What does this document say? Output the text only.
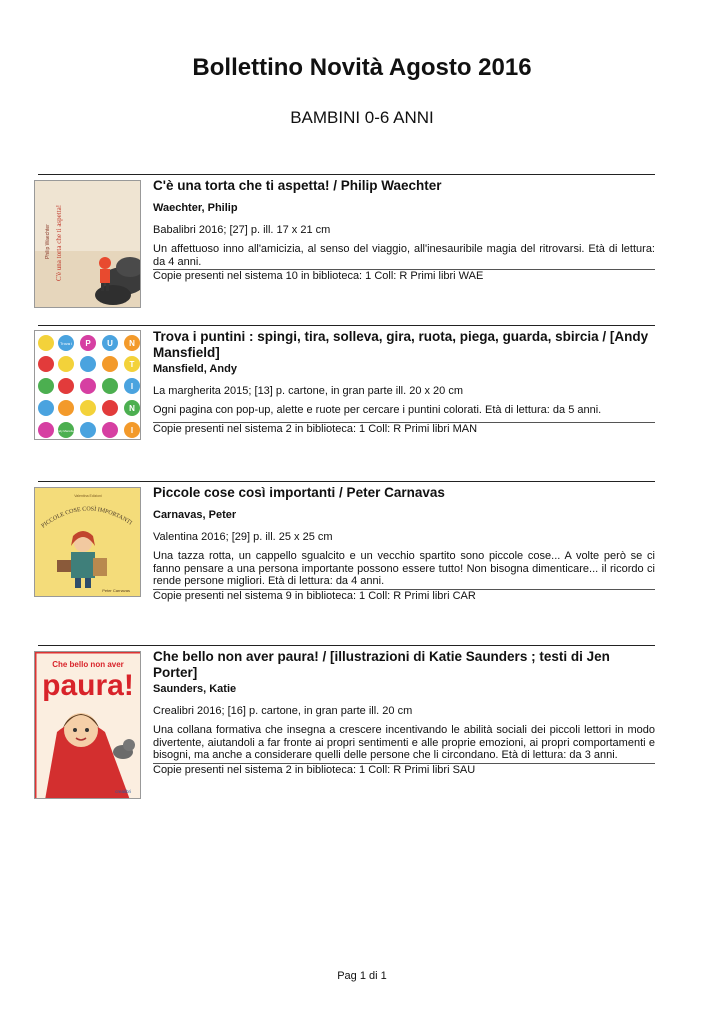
Bollettino Novità Agosto 2016
BAMBINI 0-6 ANNI
Philip Waechter C'è una torta che ti aspetta!
C'è una torta che ti aspetta! / Philip Waechter
Waechter, Philip
Babalibri 2016; [27] p. ill. 17 x 21 cm
Un affettuoso inno all'amicizia, al senso del viaggio, all'inesauribile magia del ritrovarsi. Età di lettura: da 4 anni.
Copie presenti nel sistema 10 in biblioteca: 1 Coll: R Primi libri WAE
Trova i P U N
T
I
N
Andy Mansfield	I
Trova i puntini : spingi, tira, solleva, gira, ruota, piega, guarda, sbircia / [Andy Mansfield]
Mansfield, Andy
La margherita 2015; [13] p. cartone, in gran parte ill. 20 x 20 cm
Ogni pagina con pop-up, alette e ruote per cercare i puntini colorati. Età di lettura: da 5 anni.
Copie presenti nel sistema 2 in biblioteca: 1 Coll: R Primi libri MAN
Valentina Edizioni
PICCOLE COSE COSÌ IMPORTANTI
Peter Carnavas
Piccole cose così importanti / Peter Carnavas
Carnavas, Peter
Valentina 2016; [29] p. ill. 25 x 25 cm
Una tazza rotta, un cappello sgualcito e un vecchio spartito sono piccole cose... A volte però se ci fanno pensare a una persona importante possono essere tutto! Non bisogna dimenticare... il ricordo ci rende persone migliori. Età di lettura: da 4 anni.
Copie presenti nel sistema 9 in biblioteca: 1 Coll: R Primi libri CAR
Che bello non aver
paura!
crealibri
Che bello non aver paura! / [illustrazioni di Katie Saunders ; testi di Jen Porter]
Saunders, Katie
Crealibri 2016; [16] p. cartone, in gran parte ill. 20 cm
Una collana formativa che insegna a crescere incentivando le abilità sociali dei piccoli lettori in modo divertente, aiutandoli a far fronte ai propri sentimenti e alle proprie emozioni, ai propri comportamenti e bisogni, ma anche a considerare quelli delle persone che li circondano. Età di lettura: da 3 anni.
Copie presenti nel sistema 2 in biblioteca: 1 Coll: R Primi libri SAU
Pag 1 di 1
